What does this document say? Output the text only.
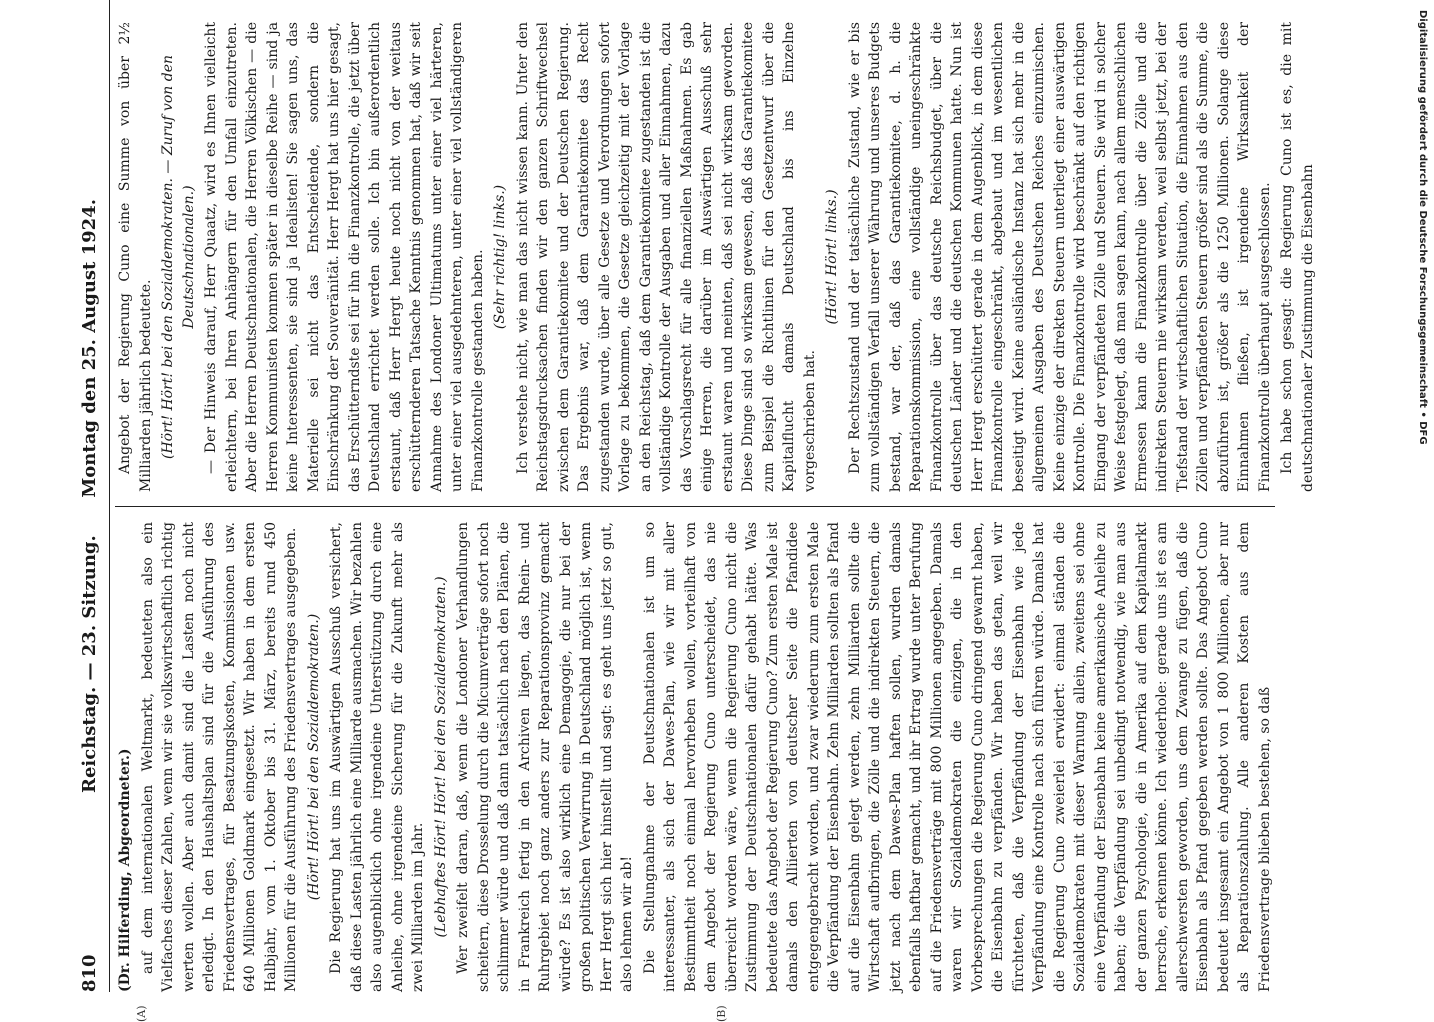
810
Reichstag. — 23. Sitzung.      Montag den 25. August 1924.

(Dr. Hilferding, Abgeordneter.) auf dem internationalen Weltmarkt, bedeuteten also ein Vielfaches dieser Zahlen, wenn wir sie volkswirtschaftlich richtig werten wollen. Aber auch damit sind die Lasten noch nicht erledigt. In den Haushaltsplan sind für die Ausführung des Friedensvertrages, für Besatzungskosten, Kommissionen usw. 640 Millionen Goldmark eingesetzt. Wir haben in dem ersten Halbjahr, vom 1. Oktober bis 31. März, bereits rund 450 Millionen für die Ausführung des Friedensvertrages ausgegeben. (Hört! Hört! bei den Sozialdemokraten.) Die Regierung hat uns im Auswärtigen Ausschuß versichert, daß diese Lasten jährlich eine Milliarde ausmachen. Wir bezahlen also augenblicklich ohne irgendeine Unterstützung durch eine Anleihe, ohne irgendeine Sicherung für die Zukunft mehr als zwei Milliarden im Jahr. (Lebhaftes Hört! Hört! bei den Sozialdemokraten.) Wer zweifelt daran, daß, wenn die Londoner Verhandlungen scheitern, diese Drosselung durch die Micumverträge sofort noch schlimmer würde und daß dann tatsächlich nach den Plänen, die in Frankreich fertig in den Archiven liegen, das Rhein- und Ruhrgebiet noch ganz anders zur Reparationsprovinz gemacht würde? Es ist also wirklich eine Demagogie, die nur bei der großen politischen Verwirrung in Deutschland möglich ist, wenn Herr Hergt sich hier hinstellt und sagt: es geht uns jetzt so gut, also lehnen wir ab! Die Stellungnahme der Deutschnationalen ist um so interessanter, als sich der Dawes-Plan, wie wir mit aller Bestimmtheit noch einmal hervorheben wollen, vorteilhaft von dem Angebot der Regierung Cuno unterscheidet, das nie überreicht worden wäre, wenn die Regierung Cuno nicht die Zustimmung der Deutschnationalen dafür gehabt hätte. Was bedeutete das Angebot der Regierung Cuno? Zum ersten Male ist damals den Alliierten von deutscher Seite die Pfandidee entgegengebracht worden, und zwar wiederum zum ersten Male die Verpfändung der Eisenbahn. Zehn Milliarden sollten als Pfand auf die Eisenbahn gelegt werden, zehn Milliarden sollte die Wirtschaft aufbringen, die Zölle und die indirekten Steuern, die jetzt nach dem Dawes-Plan haften sollen, wurden damals ebenfalls haftbar gemacht, und ihr Ertrag wurde unter Berufung auf die Friedensverträge mit 800 Millionen angegeben. Damals waren wir Sozialdemokraten die einzigen, die in den Vorbesprechungen die Regierung Cuno dringend gewarnt haben, die Eisenbahn zu verpfänden. Wir haben das getan, weil wir fürchteten, daß die Verpfändung der Eisenbahn wie jede Verpfändung eine Kontrolle nach sich führen würde. Damals hat die Regierung Cuno zweierlei erwidert: einmal ständen die Sozialdemokraten mit dieser Warnung allein, zweitens sei ohne eine Verpfändung der Eisenbahn keine amerikanische Anleihe zu haben; die Verpfändung sei unbedingt notwendig, wie man aus der ganzen Psychologie, die in Amerika auf dem Kapitalmarkt herrsche, erkennen könne. Ich wiederhole: gerade uns ist es am allerschwersten geworden, uns dem Zwange zu fügen, daß die Eisenbahn als Pfand gegeben werden sollte. Das Angebot Cuno bedeutet insgesamt ein Angebot von 1 800 Millionen, aber nur als Reparationszahlung. Alle anderen Kosten aus dem Friedensvertrage blieben bestehen, so daß

Angebot der Regierung Cuno eine Summe von über 2½ Milliarden jährlich bedeutete. (Hört! Hört! bei den Sozialdemokraten. — Zuruf von den Deutschnationalen.) — Der Hinweis darauf, Herr Quaatz, wird es Ihnen vielleicht erleichtern, bei Ihren Anhängern für den Umfall einzutreten. Aber die Herren Deutschnationalen, die Herren Völkischen — die Herren Kommunisten kommen später in dieselbe Reihe — sind ja keine Interessenten, sie sind ja Idealisten! Sie sagen uns, das Materielle sei nicht das Entscheidende, sondern die Einschränkung der Souveränität. Herr Hergt hat uns hier gesagt, das Erschütterndste sei für ihn die Finanzkontrolle, die jetzt über Deutschland errichtet werden solle. Ich bin außerordentlich erstaunt, daß Herr Hergt heute noch nicht von der weitaus erschütternderen Tatsache Kenntnis genommen hat, daß wir seit Annahme des Londoner Ultimatums unter einer viel härteren, unter einer viel ausgedehnteren, unter einer viel vollständigeren Finanzkontrolle gestanden haben. (Sehr richtig! links.) Ich verstehe nicht, wie man das nicht wissen kann. Unter den Reichstagsdrucksachen finden wir den ganzen Schriftwechsel zwischen dem Garantiekomitee und der Deutschen Regierung. Das Ergebnis war, daß dem Garantiekomitee das Recht zugestanden wurde, über alle Gesetze und Verordnungen sofort Vorlage zu bekommen, die Gesetze gleichzeitig mit der Vorlage an den Reichstag, daß dem Garantiekomitee zugestanden ist die vollständige Kontrolle der Ausgaben und aller Einnahmen, dazu das Vorschlagsrecht für alle finanziellen Maßnahmen. Es gab einige Herren, die darüber im Auswärtigen Ausschuß sehr erstaunt waren und meinten, daß sei nicht wirksam geworden. Diese Dinge sind so wirksam gewesen, daß das Garantiekomitee zum Beispiel die Richtlinien für den Gesetzentwurf über die Kapitalflucht damals Deutschland bis ins Einzelne vorgeschrieben hat.

(Hört! Hört! links.) Der Rechtszustand und der tatsächliche Zustand, wie er bis zum vollständigen Verfall unserer Währung und unseres Budgets bestand, war der, daß das Garantiekomitee, d. h. die Reparationskommission, eine vollständige uneingeschränkte Finanzkontrolle über das deutsche Reichsbudget, über die deutschen Länder und die deutschen Kommunen hatte. Nun ist Herr Hergt erschüttert gerade in dem Augenblick, in dem diese Finanzkontrolle eingeschränkt, abgebaut und im wesentlichen beseitigt wird. Keine ausländische Instanz hat sich mehr in die allgemeinen Ausgaben des Deutschen Reiches einzumischen. Keine einzige der direkten Steuern unterliegt einer auswärtigen Kontrolle. Die Finanzkontrolle wird beschränkt auf den richtigen Eingang der verpfändeten Zölle und Steuern. Sie wird in solcher Weise festgelegt, daß man sagen kann, nach allem menschlichen Ermessen kann die Finanzkontrolle über die Zölle und die indirekten Steuern nie wirksam werden, weil selbst jetzt, bei der Tiefstand der wirtschaftlichen Situation, die Einnahmen aus den Zöllen und verpfändeten Steuern größer sind als die Summe, die abzuführen ist, größer als die 1250 Millionen. Solange diese Einnahmen fließen, ist irgendeine Wirksamkeit der Finanzkontrolle überhaupt ausgeschlossen. Ich habe schon gesagt: die Regierung Cuno ist es, die mit deutschnationaler Zustimmung die Eisenbahn

(A)	(B)
Digitalisierung gefördert durch die Deutsche Forschungsgemeinschaft • DFG
